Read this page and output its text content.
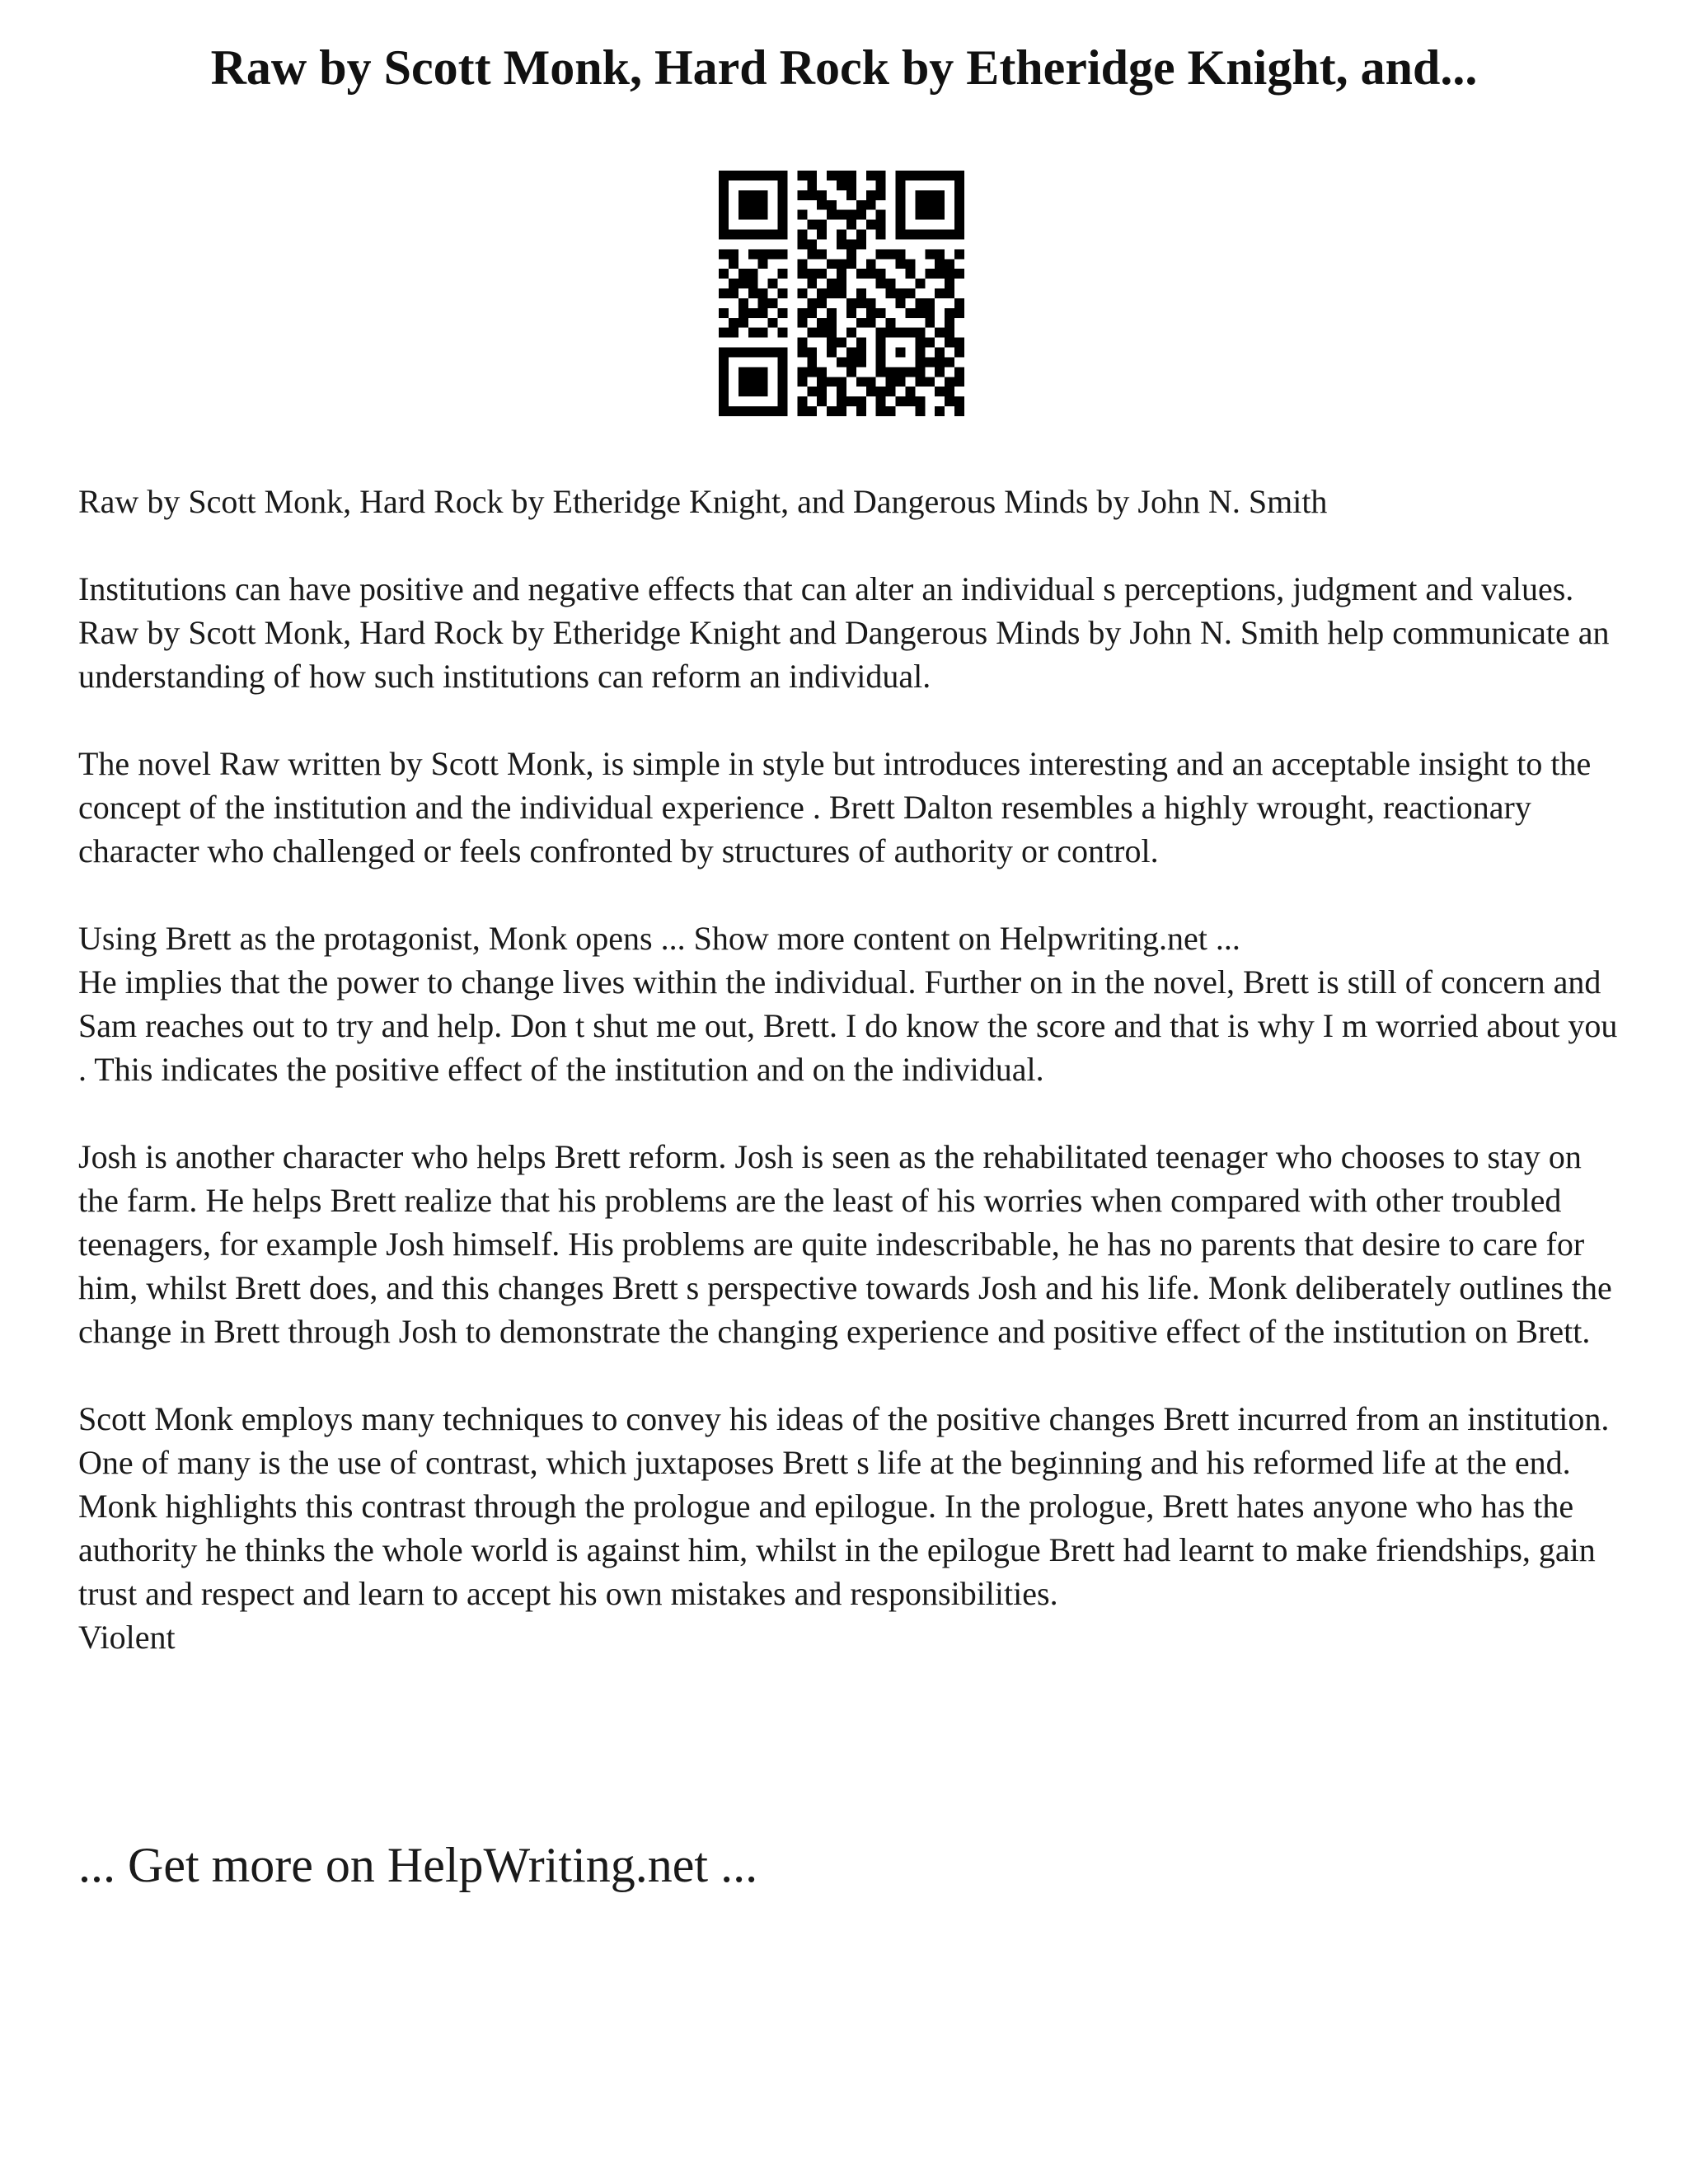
Raw by Scott Monk, Hard Rock by Etheridge Knight, and...

Raw by Scott Monk, Hard Rock by Etheridge Knight, and Dangerous Minds by John N. Smith

Institutions can have positive and negative effects that can alter an individual s perceptions, judgment and values. Raw by Scott Monk, Hard Rock by Etheridge Knight and Dangerous Minds by John N. Smith help communicate an understanding of how such institutions can reform an individual.

The novel Raw written by Scott Monk, is simple in style but introduces interesting and an acceptable insight to the concept of the institution and the individual experience . Brett Dalton resembles a highly wrought, reactionary character who challenged or feels confronted by structures of authority or control.

Using Brett as the protagonist, Monk opens ... Show more content on Helpwriting.net ...

He implies that the power to change lives within the individual. Further on in the novel, Brett is still of concern and Sam reaches out to try and help. Don t shut me out, Brett. I do know the score and that is why I m worried about you . This indicates the positive effect of the institution and on the individual.

Josh is another character who helps Brett reform. Josh is seen as the rehabilitated teenager who chooses to stay on the farm. He helps Brett realize that his problems are the least of his worries when compared with other troubled teenagers, for example Josh himself. His problems are quite indescribable, he has no parents that desire to care for him, whilst Brett does, and this changes Brett s perspective towards Josh and his life. Monk deliberately outlines the change in Brett through Josh to demonstrate the changing experience and positive effect of the institution on Brett.

Scott Monk employs many techniques to convey his ideas of the positive changes Brett incurred from an institution. One of many is the use of contrast, which juxtaposes Brett s life at the beginning and his reformed life at the end. Monk highlights this contrast through the prologue and epilogue. In the prologue, Brett hates anyone who has the authority he thinks the whole world is against him, whilst in the epilogue Brett had learnt to make friendships, gain trust and respect and learn to accept his own mistakes and responsibilities.

Violent

... Get more on HelpWriting.net ...
